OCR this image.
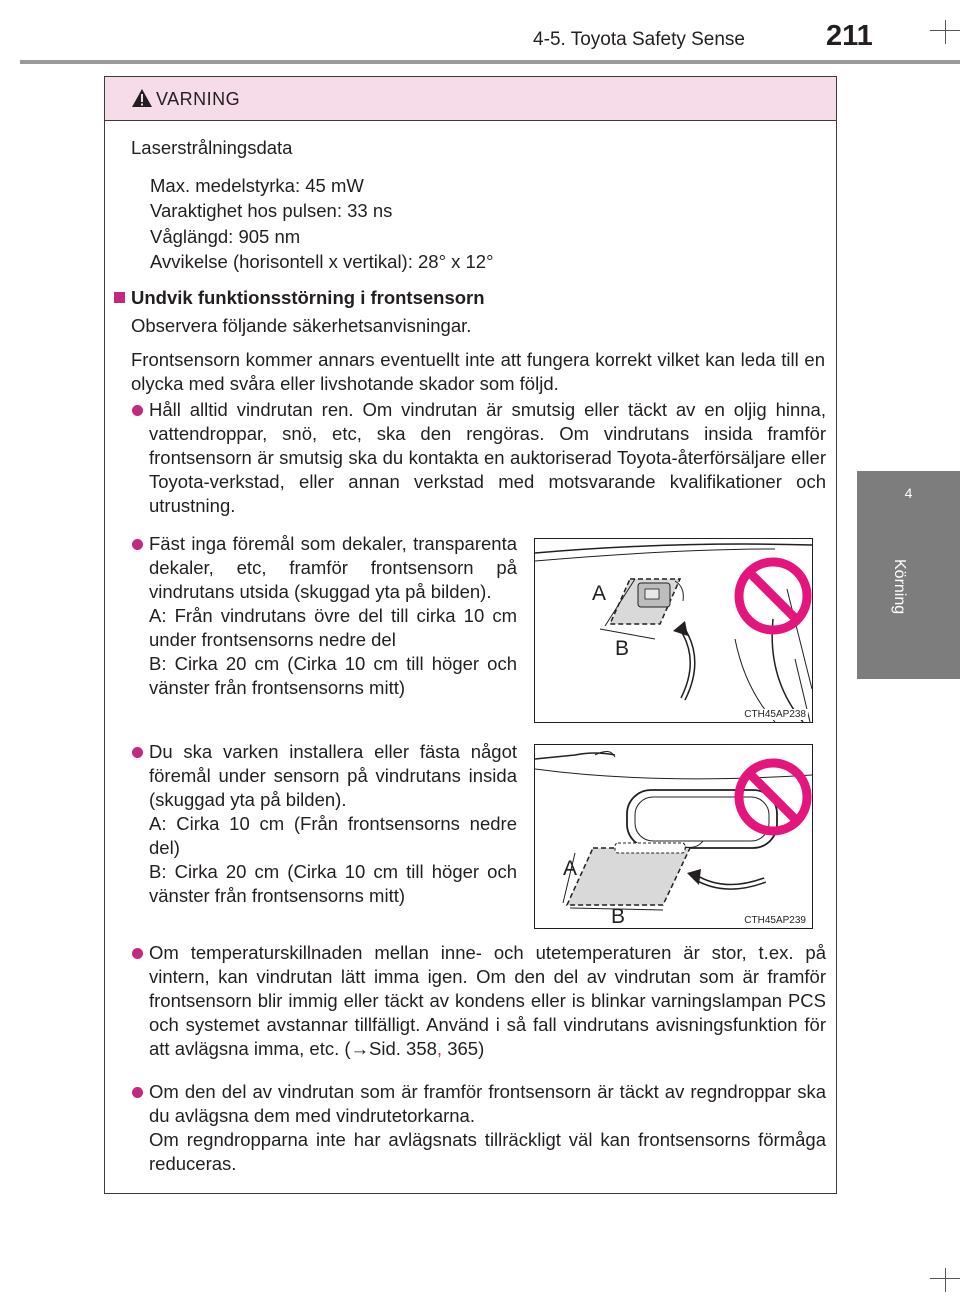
4-5. Toyota Safety Sense	211
4
Körning
VARNING
Laserstrålningsdata
Max. medelstyrka: 45 mW
Varaktighet hos pulsen: 33 ns
Våglängd: 905 nm
Avvikelse (horisontell x vertikal): 28° x 12°
Undvik funktionsstörning i frontsensorn
Observera följande säkerhetsanvisningar.
Frontsensorn kommer annars eventuellt inte att fungera korrekt vilket kan leda till en olycka med svåra eller livshotande skador som följd.
Håll alltid vindrutan ren. Om vindrutan är smutsig eller täckt av en oljig hinna, vattendroppar, snö, etc, ska den rengöras. Om vindrutans insida framför frontsensorn är smutsig ska du kontakta en auktoriserad Toyota-återförsäljare eller Toyota-verkstad, eller annan verkstad med motsvarande kvalifikationer och utrustning.
Fäst inga föremål som dekaler, transparenta dekaler, etc, framför frontsensorn på vindrutans utsida (skuggad yta på bilden).
A: Från vindrutans övre del till cirka 10 cm under frontsensorns nedre del
B: Cirka 20 cm (Cirka 10 cm till höger och vänster från frontsensorns mitt)
Du ska varken installera eller fästa något föremål under sensorn på vindrutans insida (skuggad yta på bilden).
A: Cirka 10 cm (Från frontsensorns nedre del)
B: Cirka 20 cm (Cirka 10 cm till höger och vänster från frontsensorns mitt)
Om temperaturskillnaden mellan inne- och utetemperaturen är stor, t.ex. på vintern, kan vindrutan lätt imma igen. Om den del av vindrutan som är framför frontsensorn blir immig eller täckt av kondens eller is blinkar varningslampan PCS och systemet avstannar tillfälligt. Använd i så fall vindrutans avisningsfunktion för att avlägsna imma, etc. (→Sid. 358, 365)
Om den del av vindrutan som är framför frontsensorn är täckt av regndroppar ska du avlägsna dem med vindrutetorkarna.
Om regndropparna inte har avlägsnats tillräckligt väl kan frontsensorns förmåga reduceras.
A
B
CTH45AP238
A
B	CTH45AP239
